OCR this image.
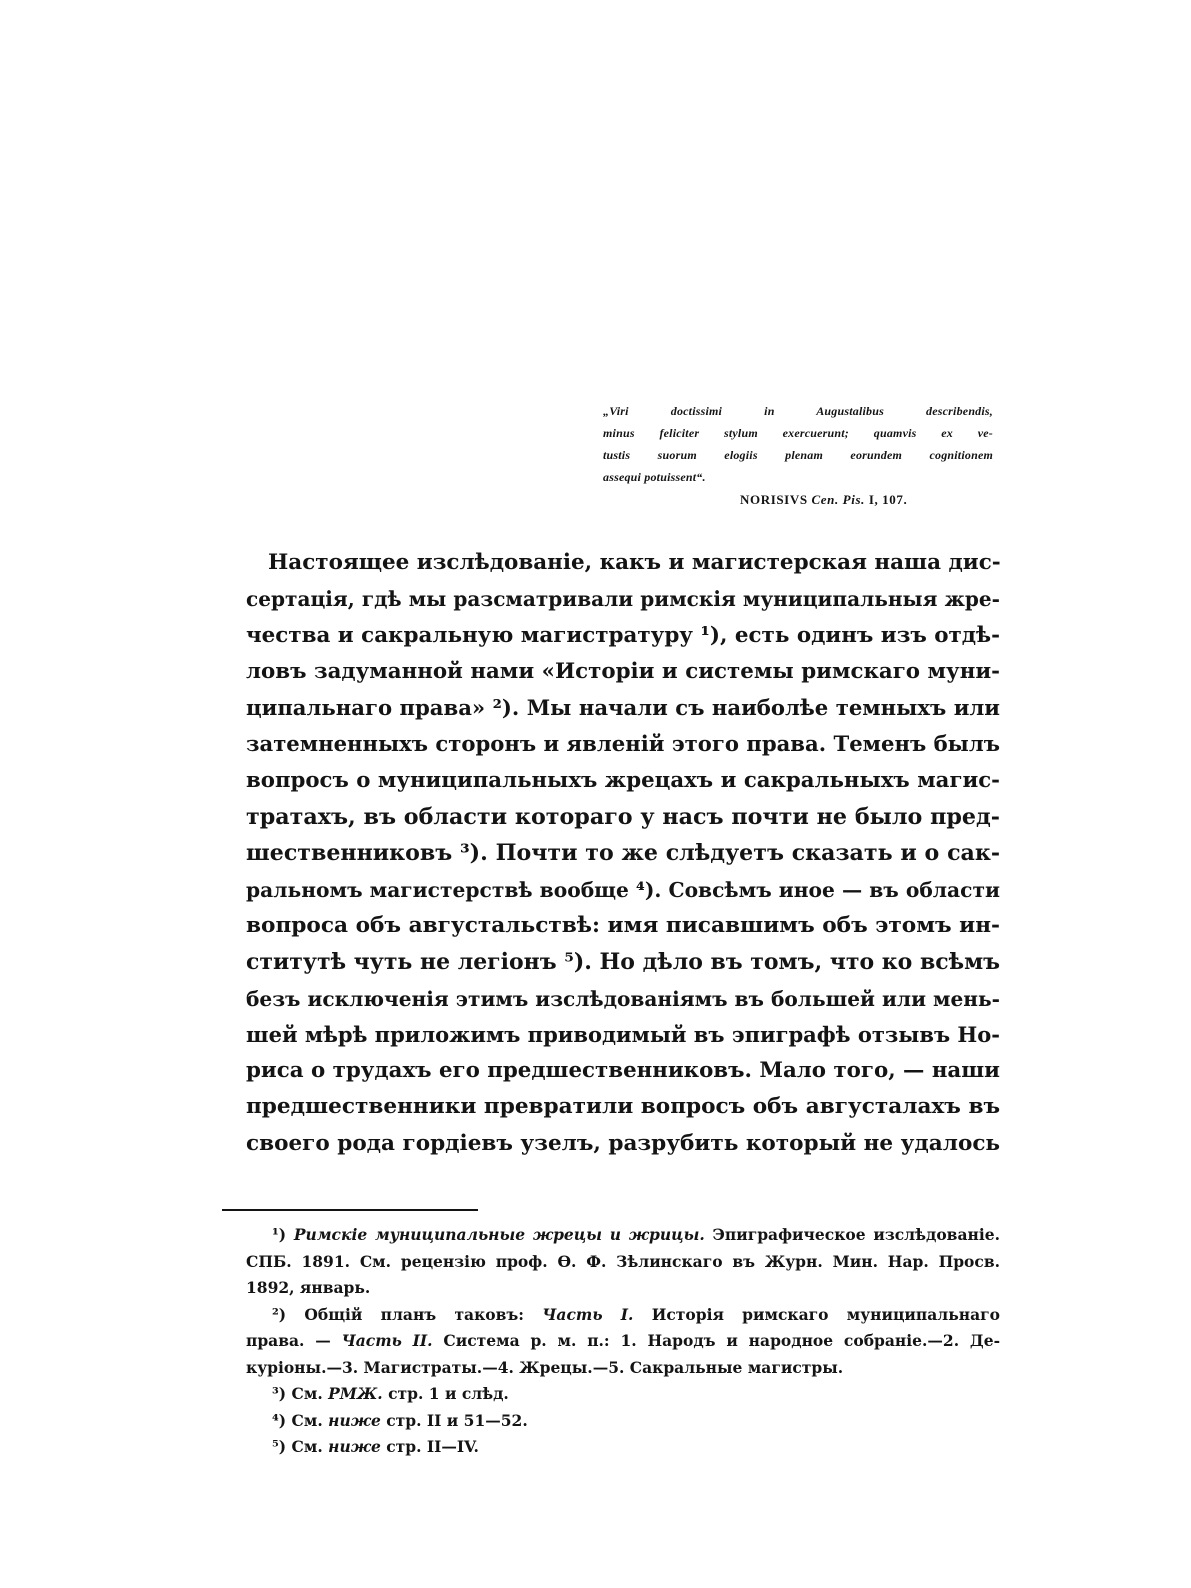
„Viri doctissimi in Augustalibus describendis,
minus feliciter stylum exercuerunt; quamvis ex ve-
tustis suorum elogiis plenam eorundem cognitionem
assequi potuissent“.
NORISIVS Cen. Pis. I, 107.
Настоящее изслѣдованіе, какъ и магистерская наша дис-
сертація, гдѣ мы разсматривали римскія муниципальныя жре-
чества и сакральную магистратуру ¹), есть одинъ изъ отдѣ-
ловъ задуманной нами «Исторіи и системы римскаго муни-
ципальнаго права» ²). Мы начали съ наиболѣе темныхъ или
затемненныхъ сторонъ и явленій этого права. Теменъ былъ
вопросъ о муниципальныхъ жрецахъ и сакральныхъ магис-
тратахъ, въ области котораго у насъ почти не было пред-
шественниковъ ³). Почти то же слѣдуетъ сказать и о сак-
ральномъ магистерствѣ вообще ⁴). Совсѣмъ иное — въ области
вопроса объ августальствѣ: имя писавшимъ объ этомъ ин-
ститутѣ чуть не легіонъ ⁵). Но дѣло въ томъ, что ко всѣмъ
безъ исключенія этимъ изслѣдованіямъ въ большей или мень-
шей мѣрѣ приложимъ приводимый въ эпиграфѣ отзывъ Но-
риса о трудахъ его предшественниковъ. Мало того, — наши
предшественники превратили вопросъ объ августалахъ въ
своего рода гордіевъ узелъ, разрубить который не удалось
¹) Римскіе муниципальные жрецы и жрицы. Эпиграфическое изслѣдованіе.
СПБ. 1891. См. рецензію проф. Ѳ. Ф. Зѣлинскаго въ Журн. Мин. Нар. Просв.
1892, январь.
²) Общій планъ таковъ: Часть I. Исторія римскаго муниципальнаго
права. — Часть II. Система р. м. п.: 1. Народъ и народное собраніе.—2. Де-
куріоны.—3. Магистраты.—4. Жрецы.—5. Сакральные магистры.
³) См. РМЖ. стр. 1 и слѣд.
⁴) См. ниже стр. II и 51—52.
⁵) См. ниже стр. II—IV.
